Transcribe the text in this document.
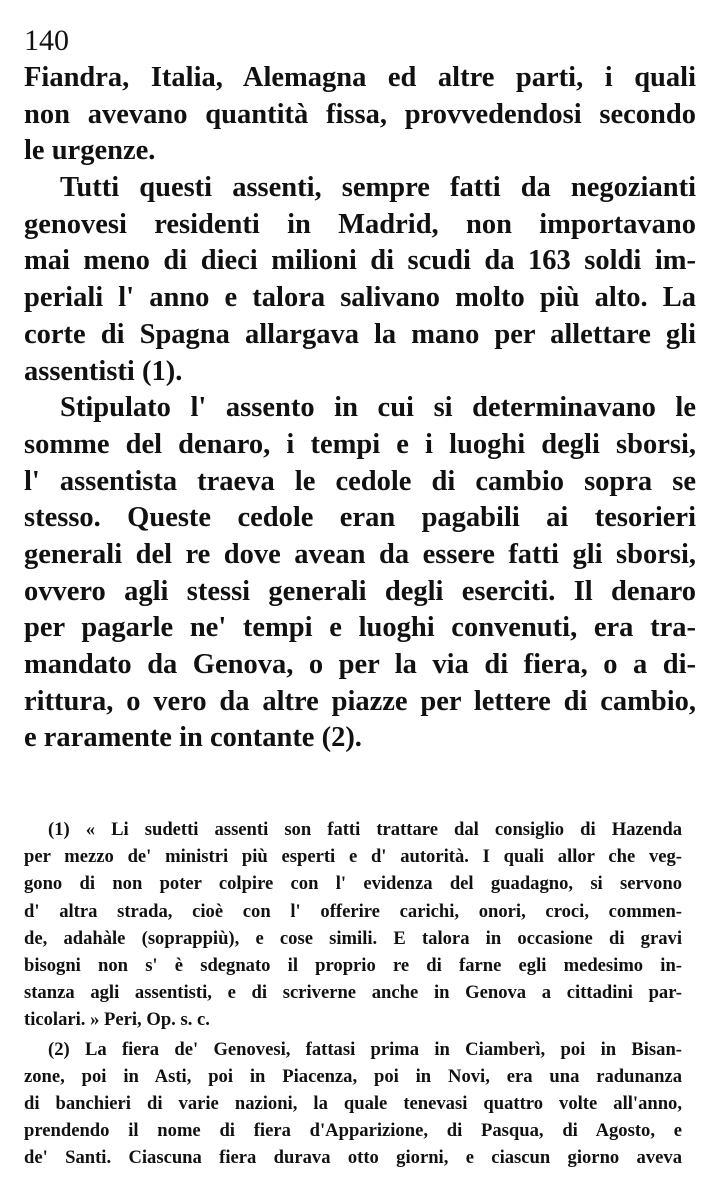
140
Fiandra, Italia, Alemagna ed altre parti, i quali
non avevano quantità fissa, provvedendosi secondo
le urgenze.
Tutti questi assenti, sempre fatti da negozianti
genovesi residenti in Madrid, non importavano
mai meno di dieci milioni di scudi da 163 soldi im-
periali l' anno e talora salivano molto più alto. La
corte di Spagna allargava la mano per allettare gli
assentisti (1).
Stipulato l' assento in cui si determinavano le
somme del denaro, i tempi e i luoghi degli sborsi,
l' assentista traeva le cedole di cambio sopra se
stesso. Queste cedole eran pagabili ai tesorieri
generali del re dove avean da essere fatti gli sborsi,
ovvero agli stessi generali degli eserciti. Il denaro
per pagarle ne' tempi e luoghi convenuti, era tra-
mandato da Genova, o per la via di fiera, o a di-
rittura, o vero da altre piazze per lettere di cambio,
e raramente in contante (2).
(1) « Li sudetti assenti son fatti trattare dal consiglio di Hazenda
per mezzo de' ministri più esperti e d' autorità. I quali allor che veg-
gono di non poter colpire con l' evidenza del guadagno, si servono
d' altra strada, cioè con l' offerire carichi, onori, croci, commen-
de, adahàle (soprappiù), e cose simili. E talora in occasione di gravi
bisogni non s' è sdegnato il proprio re di farne egli medesimo in-
stanza agli assentisti, e di scriverne anche in Genova a cittadini par-
ticolari. » Peri, Op. s. c.
(2) La fiera de' Genovesi, fattasi prima in Ciamberì, poi in Bisan-
zone, poi in Asti, poi in Piacenza, poi in Novi, era una radunanza
di banchieri di varie nazioni, la quale tenevasi quattro volte all'anno,
prendendo il nome di fiera d'Apparizione, di Pasqua, di Agosto, e
de' Santi. Ciascuna fiera durava otto giorni, e ciascun giorno aveva
